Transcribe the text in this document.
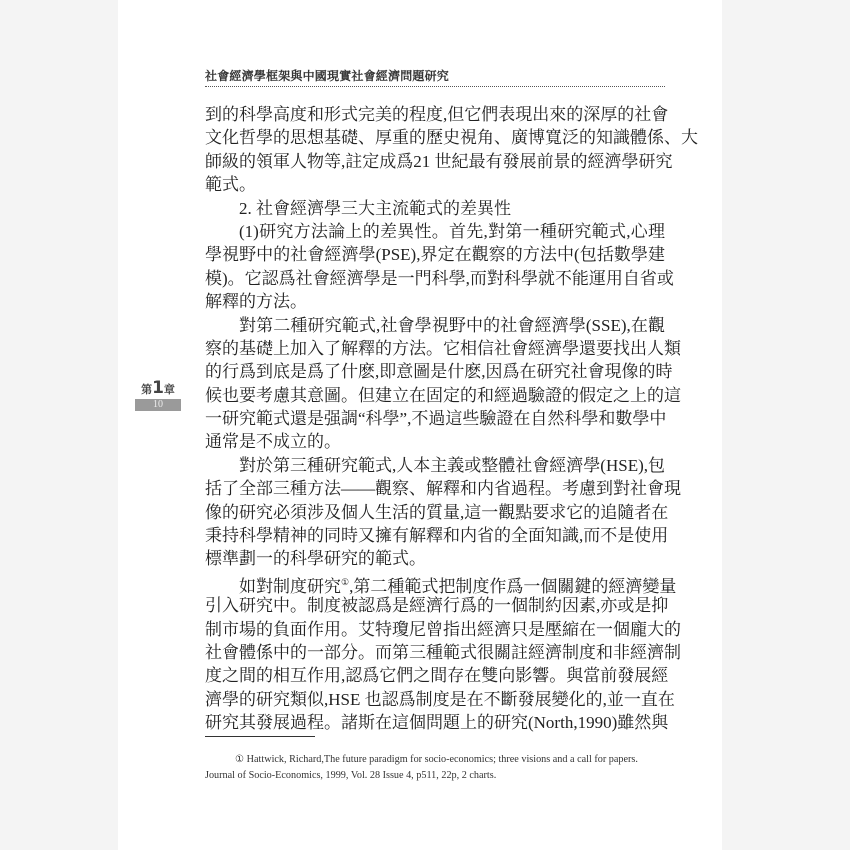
社會經濟學框架與中國現實社會經濟問題研究
第1章
10
到的科學高度和形式完美的程度,但它們表現出來的深厚的社會
文化哲學的思想基礎、厚重的歷史視角、廣博寬泛的知識體係、大
師級的領軍人物等,註定成爲21 世紀最有發展前景的經濟學研究
範式。
2. 社會經濟學三大主流範式的差異性
(1)研究方法論上的差異性。首先,對第一種研究範式,心理
學視野中的社會經濟學(PSE),界定在觀察的方法中(包括數學建
模)。它認爲社會經濟學是一門科學,而對科學就不能運用自省或
解釋的方法。
對第二種研究範式,社會學視野中的社會經濟學(SSE),在觀
察的基礎上加入了解釋的方法。它相信社會經濟學還要找出人類
的行爲到底是爲了什麽,即意圖是什麽,因爲在研究社會現像的時
候也要考慮其意圖。但建立在固定的和經過驗證的假定之上的這
一研究範式還是强調“科學”,不過這些驗證在自然科學和數學中
通常是不成立的。
對於第三種研究範式,人本主義或整體社會經濟學(HSE),包
括了全部三種方法——觀察、解釋和内省過程。考慮到對社會現
像的研究必須涉及個人生活的質量,這一觀點要求它的追隨者在
秉持科學精神的同時又擁有解釋和内省的全面知識,而不是使用
標準劃一的科學研究的範式。
如對制度研究①,第二種範式把制度作爲一個關鍵的經濟變量
引入研究中。制度被認爲是經濟行爲的一個制約因素,亦或是抑
制市場的負面作用。艾特瓊尼曾指出經濟只是壓縮在一個龐大的
社會體係中的一部分。而第三種範式很關註經濟制度和非經濟制
度之間的相互作用,認爲它們之間存在雙向影響。與當前發展經
濟學的研究類似,HSE 也認爲制度是在不斷發展變化的,並一直在
研究其發展過程。諸斯在這個問題上的研究(North,1990)雖然與
① Hattwick, Richard,The future paradigm for socio-economics; three visions and a call for papers.
Journal of Socio-Economics, 1999, Vol. 28 Issue 4, p511, 22p, 2 charts.
